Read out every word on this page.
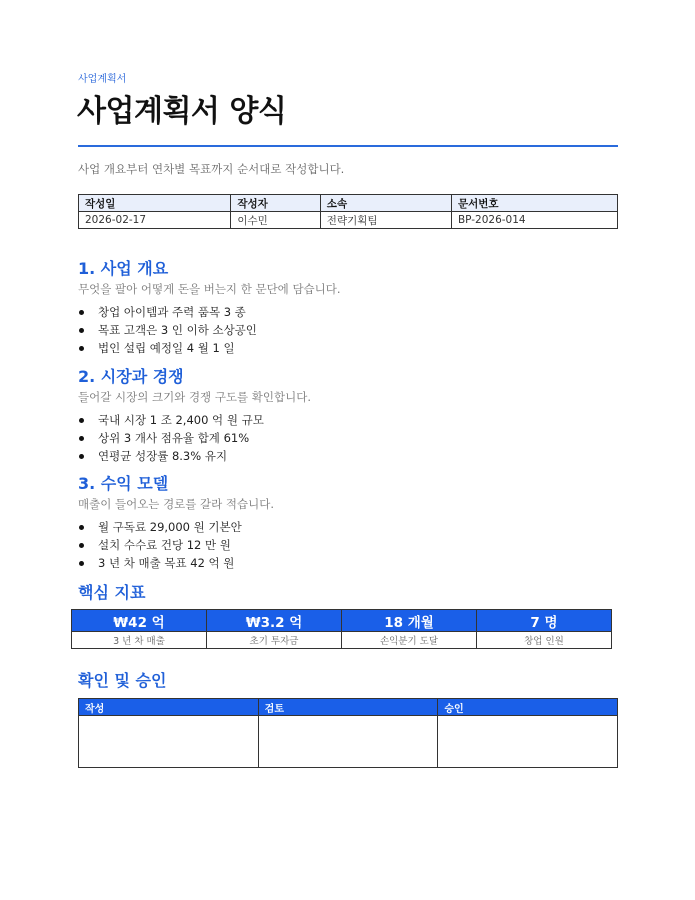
사업계획서
사업계획서 양식

사업 개요부터 연차별 목표까지 순서대로 작성합니다.

작성일	작성자	소속	문서번호
2026-02-17	이수민	전략기획팀	BP-2026-014
1. 사업 개요

무엇을 팔아 어떻게 돈을 버는지 한 문단에 담습니다.

창업 아이템과 주력 품목 3 종
목표 고객은 3 인 이하 소상공인
법인 설립 예정일 4 월 1 일
2. 시장과 경쟁

들어갈 시장의 크기와 경쟁 구도를 확인합니다.

국내 시장 1 조 2,400 억 원 규모
상위 3 개사 점유율 합계 61%
연평균 성장률 8.3% 유지
3. 수익 모델

매출이 들어오는 경로를 갈라 적습니다.

월 구독료 29,000 원 기본안
설치 수수료 건당 12 만 원
3 년 차 매출 목표 42 억 원
핵심 지표
₩42 억	₩3.2 억	18 개월	7 명
3 년 차 매출	초기 투자금	손익분기 도달	창업 인원
확인 및 승인
작성	검토	승인
